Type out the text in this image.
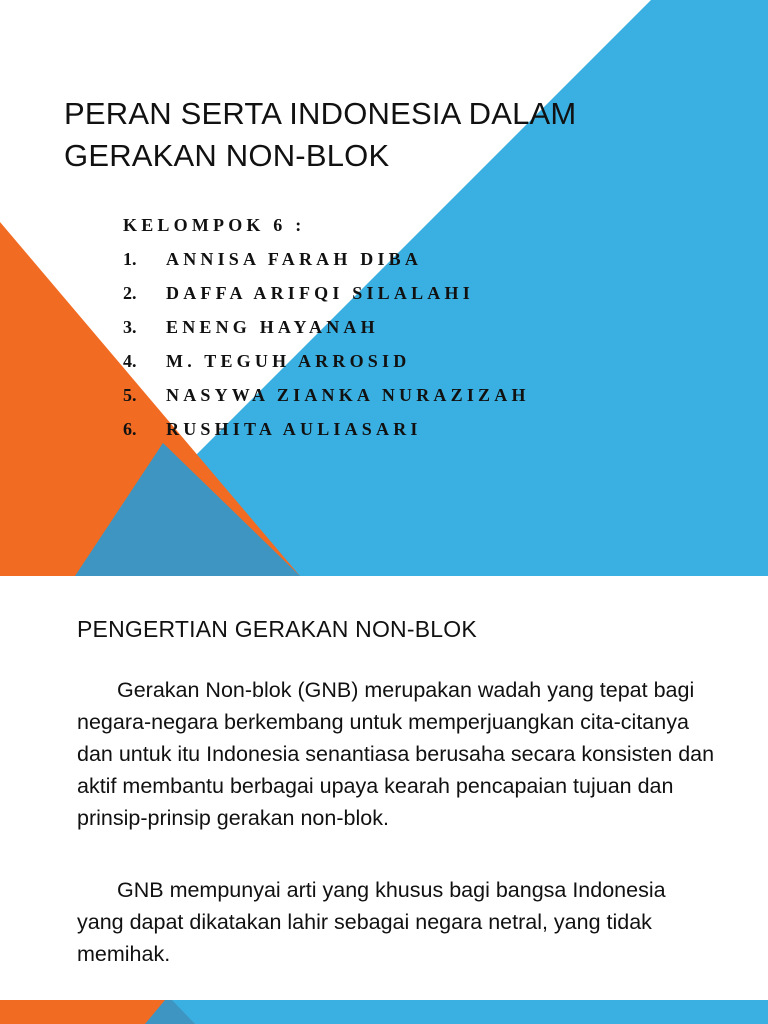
PERAN SERTA INDONESIA DALAM GERAKAN NON-BLOK
KELOMPOK 6 :
1.	ANNISA FARAH DIBA
2.	DAFFA ARIFQI SILALAHI
3.	ENENG HAYANAH
4.	M. TEGUH ARROSID
5.	NASYWA ZIANKA NURAZIZAH
6.	RUSHITA AULIASARI
PENGERTIAN GERAKAN NON-BLOK

Gerakan Non-blok (GNB) merupakan wadah yang tepat bagi negara-negara berkembang untuk memperjuangkan cita-citanya dan untuk itu Indonesia senantiasa berusaha secara konsisten dan aktif membantu berbagai upaya kearah pencapaian tujuan dan prinsip-prinsip gerakan non-blok.

GNB mempunyai arti yang khusus bagi bangsa Indonesia yang dapat dikatakan lahir sebagai negara netral, yang tidak memihak.
